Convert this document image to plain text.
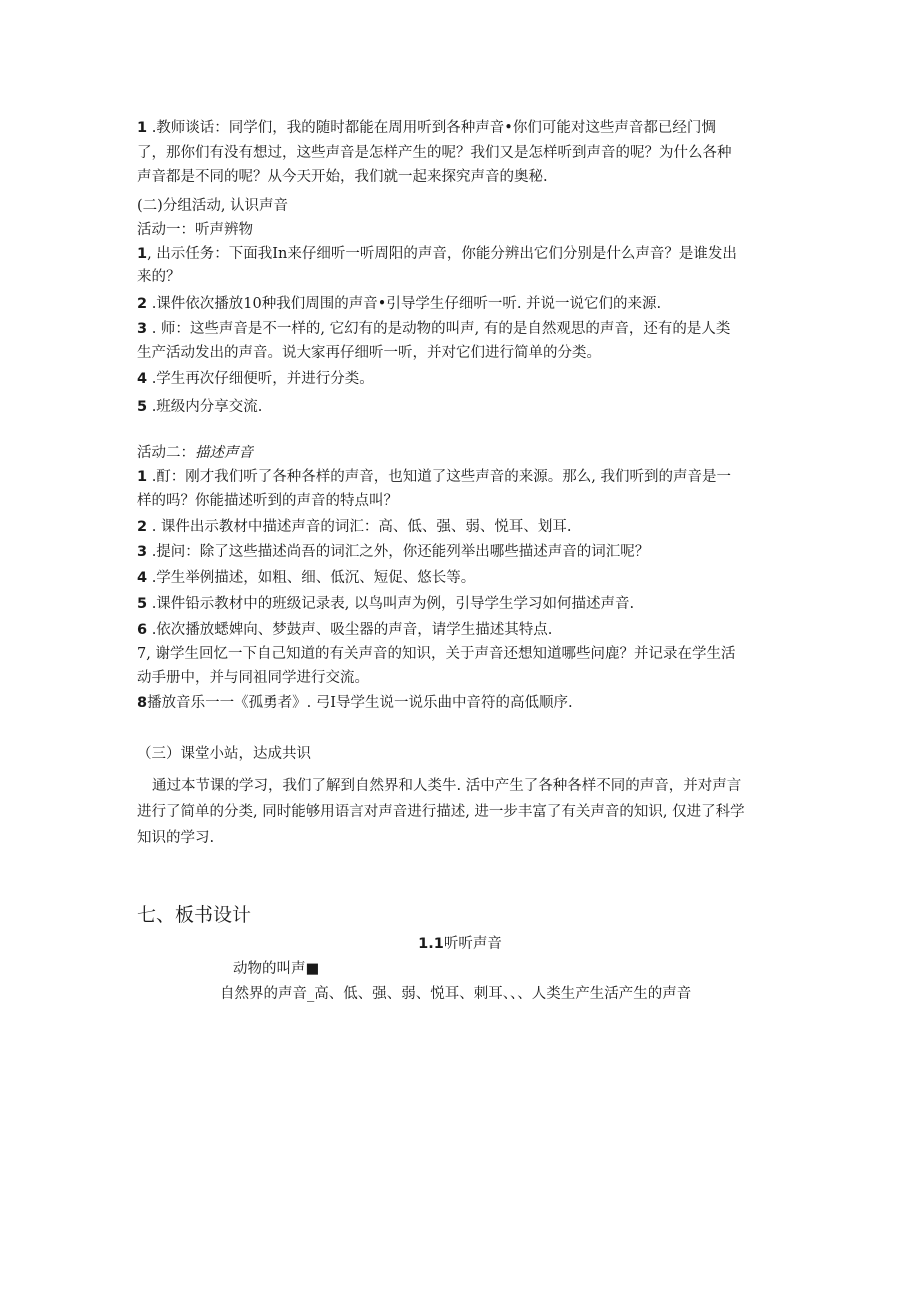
1 .教师谈话：同学们，我的随时都能在周用听到各种声音•你们可能对这些声音都已经门惆
了，那你们有没有想过，这些声音是怎样产生的呢？我们又是怎样听到声音的呢？为什么各种
声音都是不同的呢？从今天开始，我们就一起来探究声音的奥秘.
(二)分组活动, 认识声音
活动一：听声辨物
1, 出示任务：下面我In来仔细听一听周阳的声音，你能分辨出它们分别是什么声音？是谁发出
来的？
2 .课件依次播放10种我们周围的声音•引导学生仔细听一听. 并说一说它们的来源.
3 . 师：这些声音是不一样的, 它幻有的是动物的叫声, 有的是自然观思的声音，还有的是人类
生产活动发出的声音。说大家再仔细听一听，并对它们进行简单的分类。
4 .学生再次仔细便听，并进行分类。
5 .班级内分享交流.
活动二：描述声音
1 .酊：刚才我们听了各种各样的声音，也知道了这些声音的来源。那么, 我们听到的声音是一
样的吗？你能描述听到的声音的特点叫？
2 . 课件出示教材中描述声音的词汇：高、低、强、弱、悦耳、划耳.
3 .提问：除了这些描述尚吾的词汇之外，你还能列举出哪些描述声音的词汇呢？
4 .学生举例描述，如粗、细、低沉、短促、悠长等。
5 .课件铅示教材中的班级记录表, 以鸟叫声为例，引导学生学习如何描述声音.
6 .依次播放蟋婢向、梦鼓声、吸尘器的声音，请学生描述其特点.
7, 谢学生回忆一下自己知道的有关声音的知识，关于声音还想知道哪些问鹿？并记录在学生活
动手册中，并与同祖同学进行交流。
8播放音乐一一《孤勇者》. 弓I导学生说一说乐曲中音符的高低顺序.
（三）课堂小站，达成共识
通过本节课的学习，我们了解到自然界和人类牛. 活中产生了各种各样不同的声音，并对声言
进行了简单的分类, 同时能够用语言对声音进行描述, 进一步丰富了有关声音的知识, 仅进了科学
知识的学习.
七、板书设计
1.1听听声音
动物的叫声■
自然界的声音_高、低、强、弱、悦耳、刺耳、、、人类生产生活产生的声音
